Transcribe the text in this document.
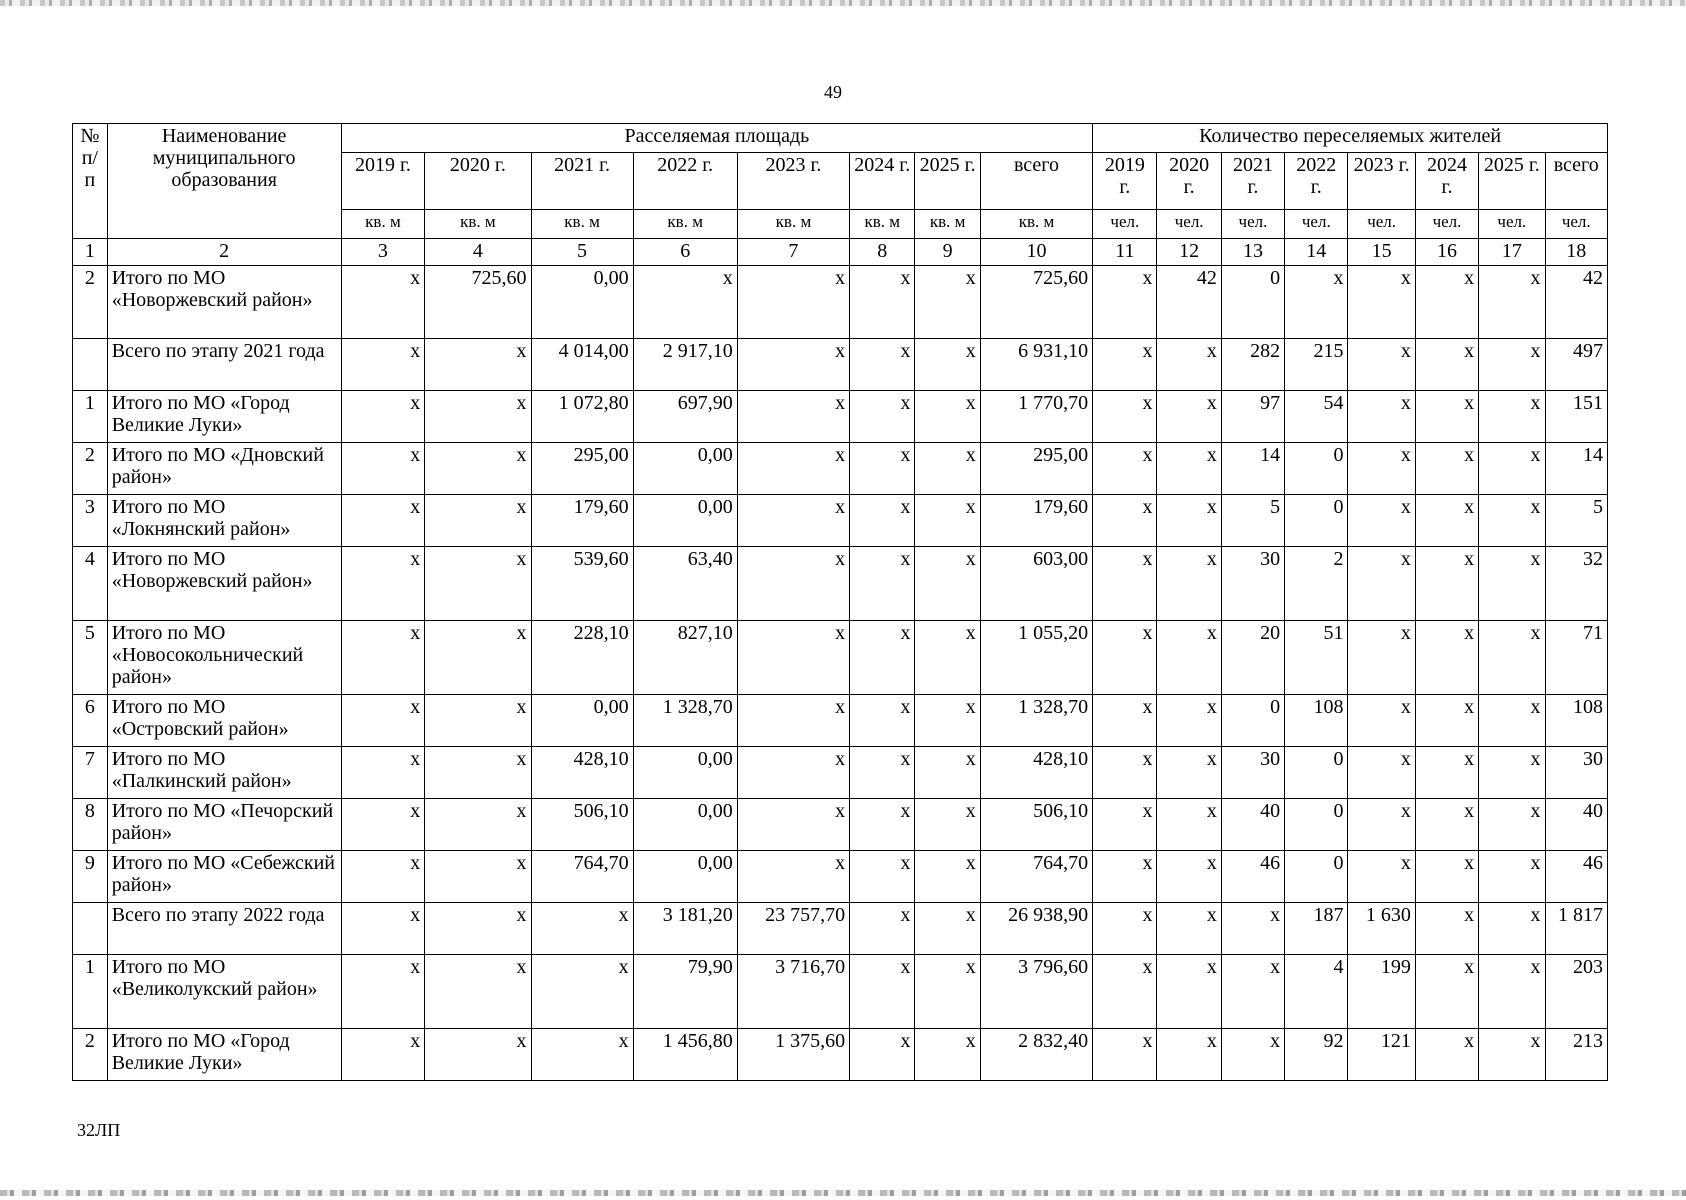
49
№ п/п	Наименование муниципального образования	Расселяемая площадь								Количество переселяемых жителей							
		2019 г.	2020 г.	2021 г.	2022 г.	2023 г.	2024 г.	2025 г.	всего	2019 г.	2020 г.	2021 г.	2022 г.	2023 г.	2024 г.	2025 г.	всего
		кв. м	кв. м	кв. м	кв. м	кв. м	кв. м	кв. м	кв. м	чел.	чел.	чел.	чел.	чел.	чел.	чел.	чел.
1	2	3	4	5	6	7	8	9	10	11	12	13	14	15	16	17	18
2	Итого по МО «Новоржевский район»	х	725,60	0,00	х	х	х	х	725,60	х	42	0	х	х	х	х	42
	Всего по этапу 2021 года	х	х	4 014,00	2 917,10	х	х	х	6 931,10	х	х	282	215	х	х	х	497
1	Итого по МО «Город Великие Луки»	х	х	1 072,80	697,90	х	х	х	1 770,70	х	х	97	54	х	х	х	151
2	Итого по МО «Дновский район»	х	х	295,00	0,00	х	х	х	295,00	х	х	14	0	х	х	х	14
3	Итого по МО «Локнянский район»	х	х	179,60	0,00	х	х	х	179,60	х	х	5	0	х	х	х	5
4	Итого по МО «Новоржевский район»	х	х	539,60	63,40	х	х	х	603,00	х	х	30	2	х	х	х	32
5	Итого по МО «Новосокольнический район»	х	х	228,10	827,10	х	х	х	1 055,20	х	х	20	51	х	х	х	71
6	Итого по МО «Островский район»	х	х	0,00	1 328,70	х	х	х	1 328,70	х	х	0	108	х	х	х	108
7	Итого по МО «Палкинский район»	х	х	428,10	0,00	х	х	х	428,10	х	х	30	0	х	х	х	30
8	Итого по МО «Печорский район»	х	х	506,10	0,00	х	х	х	506,10	х	х	40	0	х	х	х	40
9	Итого по МО «Себежский район»	х	х	764,70	0,00	х	х	х	764,70	х	х	46	0	х	х	х	46
	Всего по этапу 2022 года	х	х	х	3 181,20	23 757,70	х	х	26 938,90	х	х	х	187	1 630	х	х	1 817
1	Итого по МО «Великолукский район»	х	х	х	79,90	3 716,70	х	х	3 796,60	х	х	х	4	199	х	х	203
2	Итого по МО «Город Великие Луки»	х	х	х	1 456,80	1 375,60	х	х	2 832,40	х	х	х	92	121	х	х	213
32ЛП
